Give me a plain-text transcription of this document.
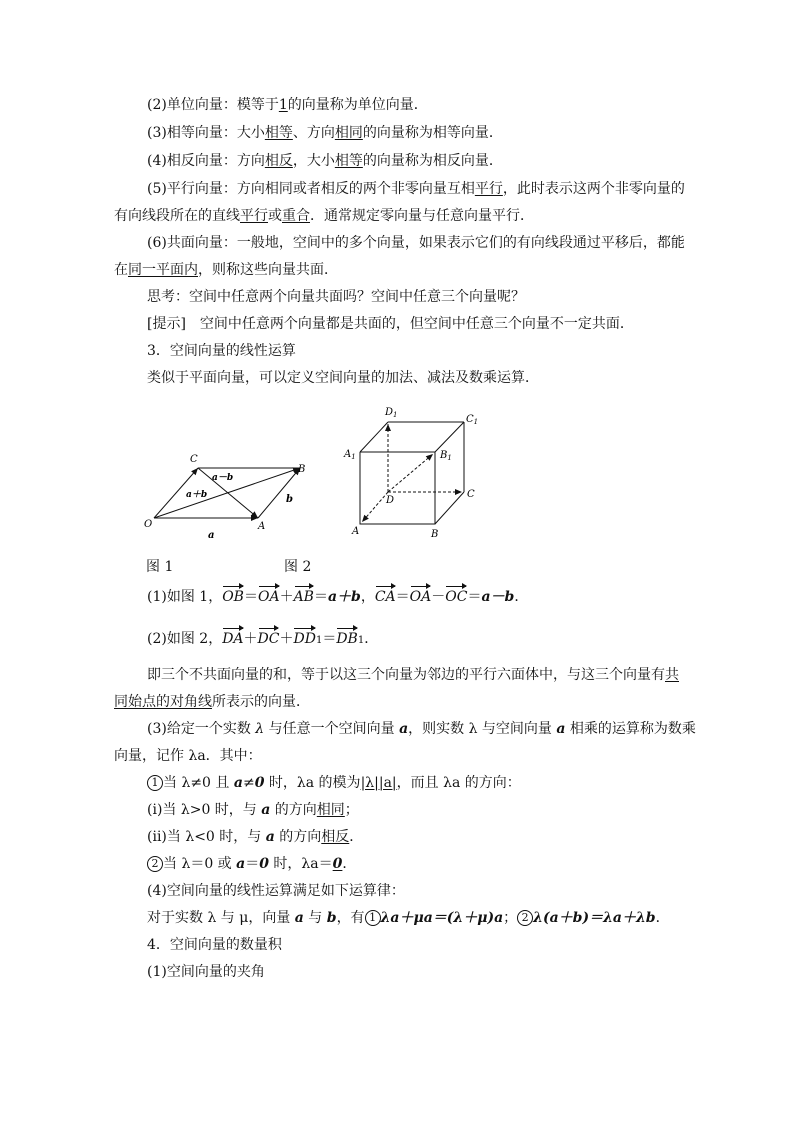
(2)单位向量：模等于1的向量称为单位向量．
(3)相等向量：大小相等、方向相同的向量称为相等向量．
(4)相反向量：方向相反，大小相等的向量称为相反向量．
(5)平行向量：方向相同或者相反的两个非零向量互相平行，此时表示这两个非零向量的
有向线段所在的直线平行或重合．通常规定零向量与任意向量平行．
(6)共面向量：一般地，空间中的多个向量，如果表示它们的有向线段通过平移后，都能
在同一平面内，则称这些向量共面．
思考：空间中任意两个向量共面吗？空间中任意三个向量呢？
[提示]　空间中任意两个向量都是共面的，但空间中任意三个向量不一定共面．
3．空间向量的线性运算
类似于平面向量，可以定义空间向量的加法、减法及数乘运算．
O	A
B
C
a
b
a＋b
a－b
$D_1$	$C_1$
$A_1$	$B_1$
D
C
A	B
图 1	图 2
(1)如图 1，OB＝OA＋AB＝a＋b，CA＝OA－OC＝a－b．
(2)如图 2，DA＋DC＋DD1＝DB1．
即三个不共面向量的和，等于以这三个向量为邻边的平行六面体中，与这三个向量有共
同始点的对角线所表示的向量．
(3)给定一个实数 λ 与任意一个空间向量 a，则实数 λ 与空间向量 a 相乘的运算称为数乘
向量，记作 λa．其中：
1 当 λ≠0 且 a≠0 时，λa 的模为|λ||a|，而且 λa 的方向：
(ⅰ)当 λ>0 时，与 a 的方向相同；
(ⅱ)当 λ<0 时，与 a 的方向相反．
2 当 λ＝0 或 a＝0 时，λa＝0．
(4)空间向量的线性运算满足如下运算律：
对于实数 λ 与 μ，向量 a 与 b，有 1 λa＋μa＝(λ＋μ)a； 2 λ(a＋b)＝λa＋λb．
4．空间向量的数量积
(1)空间向量的夹角
